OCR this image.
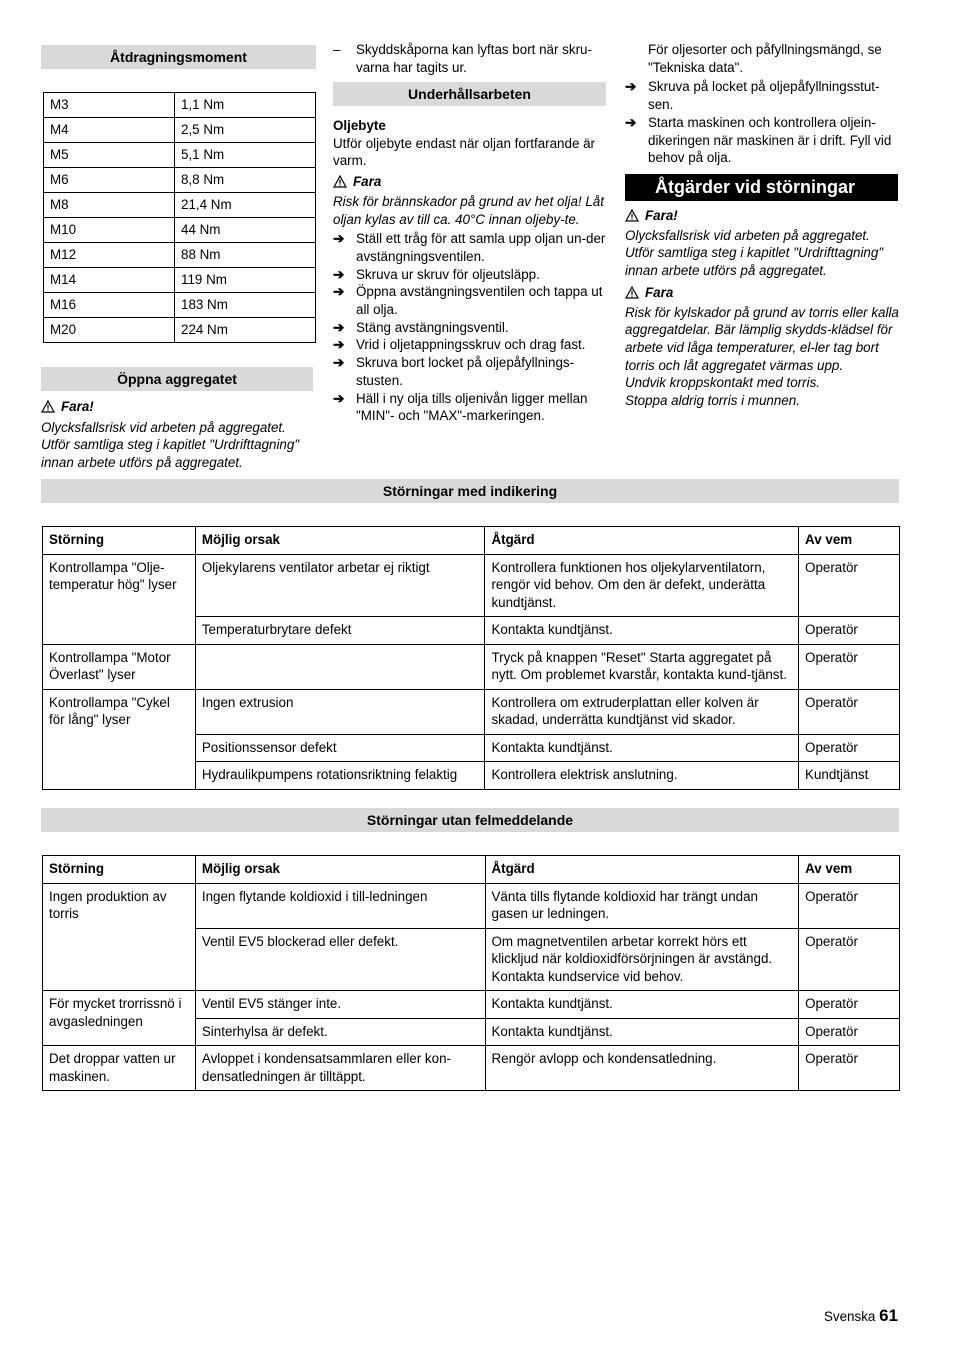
Åtdragningsmoment
M3	1,1 Nm
M4	2,5 Nm
M5	5,1 Nm
M6	8,8 Nm
M8	21,4 Nm
M10	44 Nm
M12	88 Nm
M14	119 Nm
M16	183 Nm
M20	224 Nm
Öppna aggregatet
Fara!

Olycksfallsrisk vid arbeten på aggregatet.

Utför samtliga steg i kapitlet "Urdrifttagning"

innan arbete utförs på aggregatet.

–	Skyddskåporna kan lyftas bort när skru-varna har tagits ur.
Underhållsarbeten

Oljebyte

Utför oljebyte endast när oljan fortfarande är varm.

Fara

Risk för brännskador på grund av het olja! Låt oljan kylas av till ca. 40°C innan oljeby-te.

➔ Ställ ett tråg för att samla upp oljan un-der avstängningsventilen.
➔ Skruva ur skruv för oljeutsläpp.
➔ Öppna avstängningsventilen och tappa ut all olja.
➔ Stäng avstängningsventil.
➔ Vrid i oljetappningsskruv och drag fast.
➔ Skruva bort locket på oljepåfyllnings-stusten.
➔ Häll i ny olja tills oljenivån ligger mellan "MIN"- och "MAX"-markeringen.

För oljesorter och påfyllningsmängd, se "Tekniska data".

➔ Skruva på locket på oljepåfyllningsstut-sen.
➔ Starta maskinen och kontrollera oljein-dikeringen när maskinen är i drift. Fyll vid behov på olja.
Åtgärder vid störningar
Fara!

Olycksfallsrisk vid arbeten på aggregatet.

Utför samtliga steg i kapitlet "Urdrifttagning"

innan arbete utförs på aggregatet.

Fara

Risk för kylskador på grund av torris eller kalla aggregatdelar. Bär lämplig skydds-klädsel för arbete vid låga temperaturer, el-ler tag bort torris och låt aggregatet värmas upp.

Undvik kroppskontakt med torris.

Stoppa aldrig torris i munnen.

Störningar med indikering
Störning	Möjlig orsak	Åtgärd	Av vem
Kontrollampa "Olje-temperatur hög" lyser	Oljekylarens ventilator arbetar ej riktigt	Kontrollera funktionen hos oljekylarventilatorn, rengör vid behov. Om den är defekt, underätta kundtjänst.	Operatör
	Temperaturbrytare defekt	Kontakta kundtjänst.	Operatör
Kontrollampa "Motor Överlast" lyser		Tryck på knappen "Reset" Starta aggregatet på nytt. Om problemet kvarstår, kontakta kund-tjänst.	Operatör
Kontrollampa "Cykel för lång" lyser	Ingen extrusion	Kontrollera om extruderplattan eller kolven är skadad, underrätta kundtjänst vid skador.	Operatör
	Positionssensor defekt	Kontakta kundtjänst.	Operatör
	Hydraulikpumpens rotationsriktning felaktig	Kontrollera elektrisk anslutning.	Kundtjänst
Störningar utan felmeddelande
Störning	Möjlig orsak	Åtgärd	Av vem
Ingen produktion av torris	Ingen flytande koldioxid i till-ledningen	Vänta tills flytande koldioxid har trängt undan gasen ur ledningen.	Operatör
	Ventil EV5 blockerad eller defekt.	Om magnetventilen arbetar korrekt hörs ett klickljud när koldioxidförsörjningen är avstängd. Kontakta kundservice vid behov.	Operatör
För mycket trorrissnö i avgasledningen	Ventil EV5 stänger inte.	Kontakta kundtjänst.	Operatör
	Sinterhylsa är defekt.	Kontakta kundtjänst.	Operatör
Det droppar vatten ur maskinen.	Avloppet i kondensatsammlaren eller kon-densatledningen är tilltäppt.	Rengör avlopp och kondensatledning.	Operatör
Svenska 61
